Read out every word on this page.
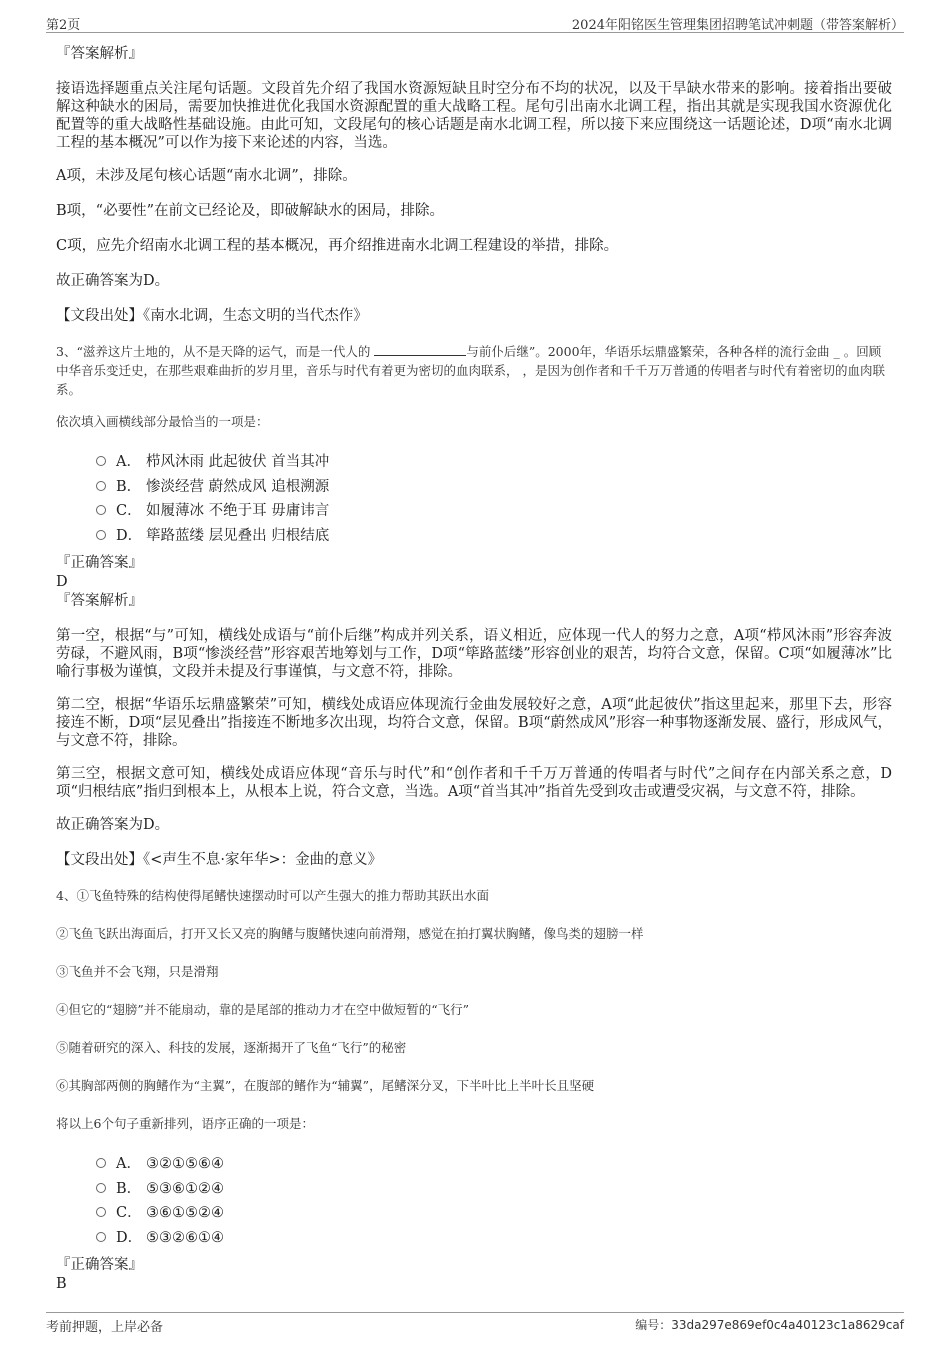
第2页	2024年阳铭医生管理集团招聘笔试冲刺题（带答案解析）
『答案解析』

接语选择题重点关注尾句话题。文段首先介绍了我国水资源短缺且时空分布不均的状况，以及干旱缺水带来的影响。接着指出要破解这种缺水的困局，需要加快推进优化我国水资源配置的重大战略工程。尾句引出南水北调工程，指出其就是实现我国水资源优化配置等的重大战略性基础设施。由此可知，文段尾句的核心话题是南水北调工程，所以接下来应围绕这一话题论述，D项“南水北调工程的基本概况”可以作为接下来论述的内容，当选。

A项，未涉及尾句核心话题“南水北调”，排除。

B项，“必要性”在前文已经论及，即破解缺水的困局，排除。

C项，应先介绍南水北调工程的基本概况，再介绍推进南水北调工程建设的举措，排除。

故正确答案为D。

【文段出处】《南水北调，生态文明的当代杰作》

3、“滋养这片土地的，从不是天降的运气，而是一代人的	与前仆后继”。2000年，华语乐坛鼎盛繁荣，各种各样的流行金曲 _ 。回顾中华音乐变迁史，在那些艰难曲折的岁月里，音乐与时代有着更为密切的血肉联系， ，是因为创作者和千千万万普通的传唱者与时代有着密切的血肉联系。

依次填入画横线部分最恰当的一项是：

A． 栉风沐雨 此起彼伏 首当其冲
B． 惨淡经营 蔚然成风 追根溯源
C． 如履薄冰 不绝于耳 毋庸讳言
D． 筚路蓝缕 层见叠出 归根结底

『正确答案』

D

『答案解析』

第一空，根据“与”可知，横线处成语与“前仆后继”构成并列关系，语义相近，应体现一代人的努力之意，A项“栉风沐雨”形容奔波劳碌，不避风雨，B项“惨淡经营”形容艰苦地筹划与工作，D项“筚路蓝缕”形容创业的艰苦，均符合文意，保留。C项“如履薄冰”比喻行事极为谨慎，文段并未提及行事谨慎，与文意不符，排除。

第二空，根据“华语乐坛鼎盛繁荣”可知，横线处成语应体现流行金曲发展较好之意，A项“此起彼伏”指这里起来，那里下去，形容接连不断，D项“层见叠出”指接连不断地多次出现，均符合文意，保留。B项“蔚然成风”形容一种事物逐渐发展、盛行，形成风气，与文意不符，排除。

第三空，根据文意可知，横线处成语应体现“音乐与时代”和“创作者和千千万万普通的传唱者与时代”之间存在内部关系之意，D项“归根结底”指归到根本上，从根本上说，符合文意，当选。A项“首当其冲”指首先受到攻击或遭受灾祸，与文意不符，排除。

故正确答案为D。

【文段出处】《<声生不息·家年华>：金曲的意义》

4、①飞鱼特殊的结构使得尾鳍快速摆动时可以产生强大的推力帮助其跃出水面

②飞鱼飞跃出海面后，打开又长又亮的胸鳍与腹鳍快速向前滑翔，感觉在拍打翼状胸鳍，像鸟类的翅膀一样

③飞鱼并不会飞翔，只是滑翔

④但它的“翅膀”并不能扇动，靠的是尾部的推动力才在空中做短暂的“飞行”

⑤随着研究的深入、科技的发展，逐渐揭开了飞鱼“飞行”的秘密

⑥其胸部两侧的胸鳍作为“主翼”，在腹部的鳍作为“辅翼”，尾鳍深分叉，下半叶比上半叶长且坚硬

将以上6个句子重新排列，语序正确的一项是：

A． ③②①⑤⑥④
B． ⑤③⑥①②④
C． ③⑥①⑤②④
D． ⑤③②⑥①④

『正确答案』

B

考前押题，上岸必备	编号：33da297e869ef0c4a40123c1a8629caf
